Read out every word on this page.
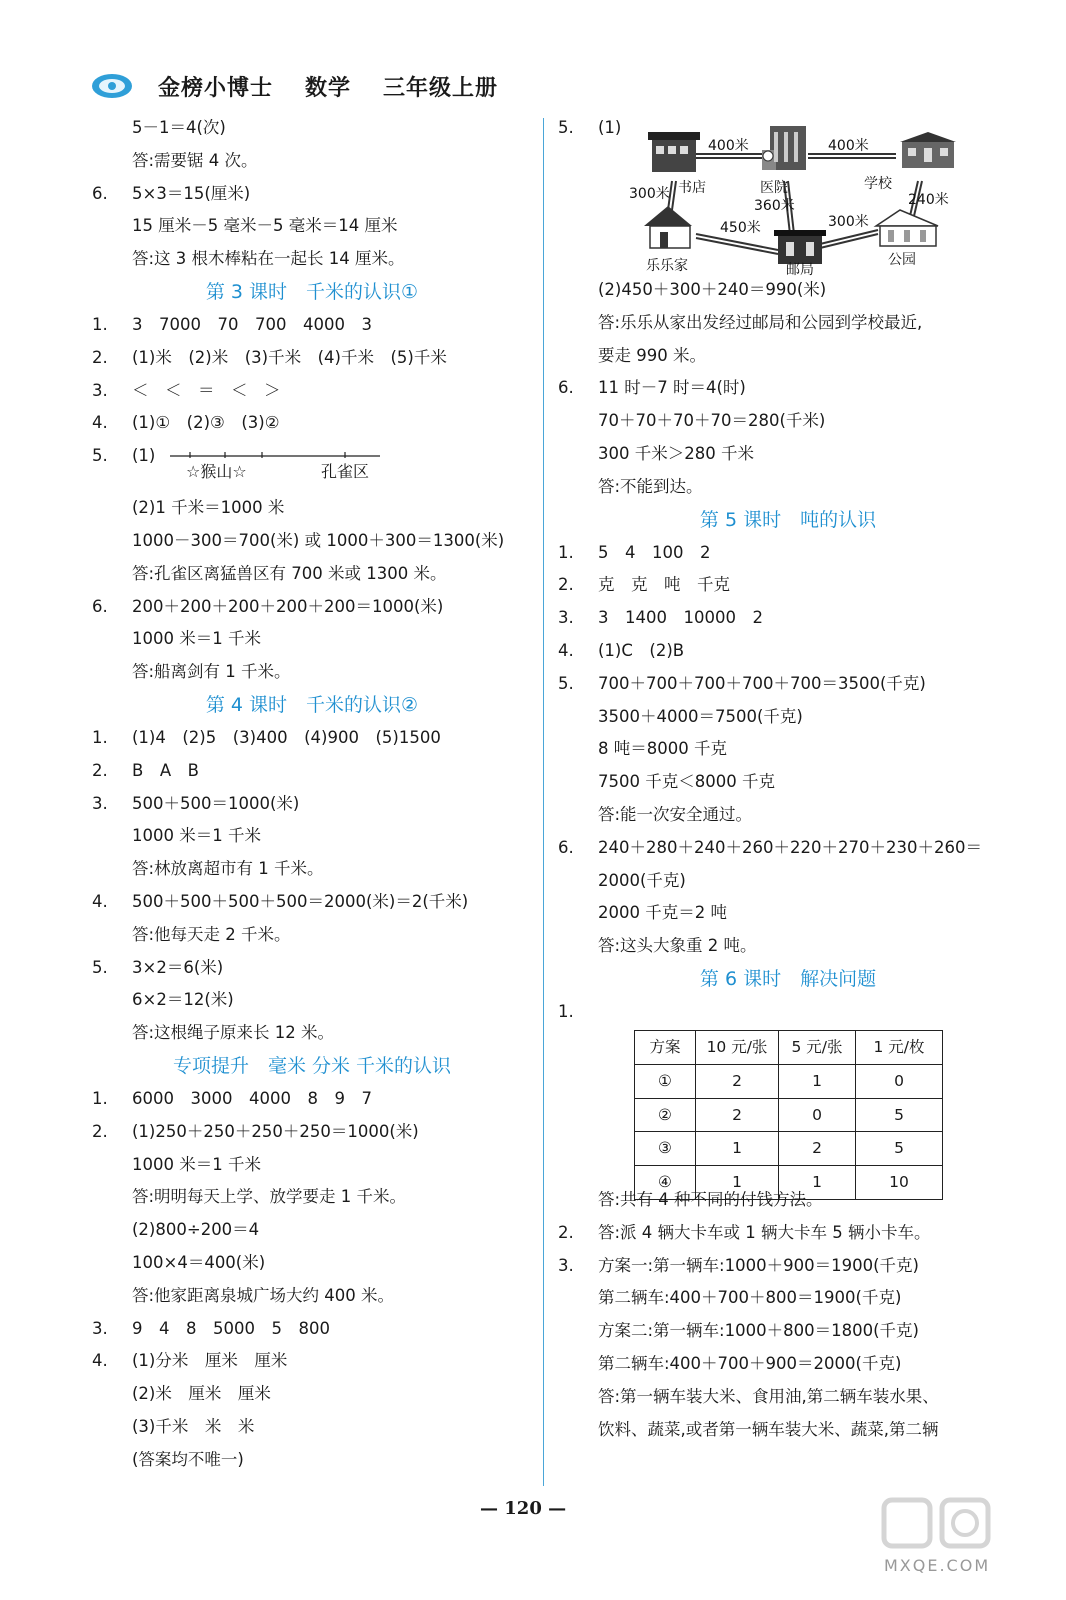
金榜小博士 数学 三年级上册
5－1＝4(次)
答:需要锯 4 次。
6. 5×3＝15(厘米)
15 厘米－5 毫米－5 毫米＝14 厘米
答:这 3 根木棒粘在一起长 14 厘米。
第 3 课时　千米的认识①
1. 3　7000　70　700　4000　3
2. (1)米　(2)米　(3)千米　(4)千米　(5)千米
3. ＜　＜　＝　＜　＞
4. (1)①　(2)③　(3)②
5. (1)
☆猴山☆	孔雀区
(2)1 千米＝1000 米
1000－300＝700(米) 或 1000＋300＝1300(米)
答:孔雀区离猛兽区有 700 米或 1300 米。
6. 200＋200＋200＋200＋200＝1000(米)
1000 米＝1 千米
答:船离剑有 1 千米。
第 4 课时　千米的认识②
1. (1)4　(2)5　(3)400　(4)900　(5)1500
2. B　A　B
3. 500＋500＝1000(米)
1000 米＝1 千米
答:林放离超市有 1 千米。
4. 500＋500＋500＋500＝2000(米)＝2(千米)
答:他每天走 2 千米。
5. 3×2＝6(米)
6×2＝12(米)
答:这根绳子原来长 12 米。
专项提升　毫米 分米 千米的认识
1. 6000　3000　4000　8　9　7
2. (1)250＋250＋250＋250＝1000(米)
1000 米＝1 千米
答:明明每天上学、放学要走 1 千米。
(2)800÷200＝4
100×4＝400(米)
答:他家距离泉城广场大约 400 米。
3. 9　4　8　5000　5　800
4. (1)分米　厘米　厘米
(2)米　厘米　厘米
(3)千米　米　米
(答案均不唯一)
5. (1)
400米	400米
300米 书店	医院
360米
学校
240米
450米	300米
乐乐家	邮局
公园
(2)450＋300＋240＝990(米)
答:乐乐从家出发经过邮局和公园到学校最近,
要走 990 米。
6. 11 时－7 时＝4(时)
70＋70＋70＋70＝280(千米)
300 千米＞280 千米
答:不能到达。
第 5 课时　吨的认识
1. 5　4　100　2
2. 克　克　吨　千克
3. 3　1400　10000　2
4. (1)C　(2)B
5. 700＋700＋700＋700＋700＝3500(千克)
3500＋4000＝7500(千克)
8 吨＝8000 千克
7500 千克＜8000 千克
答:能一次安全通过。
6. 240＋280＋240＋260＋220＋270＋230＋260＝
2000(千克)
2000 千克＝2 吨
答:这头大象重 2 吨。
第 6 课时　解决问题
1.
方案	10 元/张	5 元/张	1 元/枚
①	2	1	0
②	2	0	5
③	1	2	5
④	1	1	10
答:共有 4 种不同的付钱方法。
2. 答:派 4 辆大卡车或 1 辆大卡车 5 辆小卡车。
3. 方案一:第一辆车:1000＋900＝1900(千克)
第二辆车:400＋700＋800＝1900(千克)
方案二:第一辆车:1000＋800＝1800(千克)
第二辆车:400＋700＋900＝2000(千克)
答:第一辆车装大米、食用油,第二辆车装水果、
饮料、蔬菜,或者第一辆车装大米、蔬菜,第二辆
— 120 —
MXQE.COM
